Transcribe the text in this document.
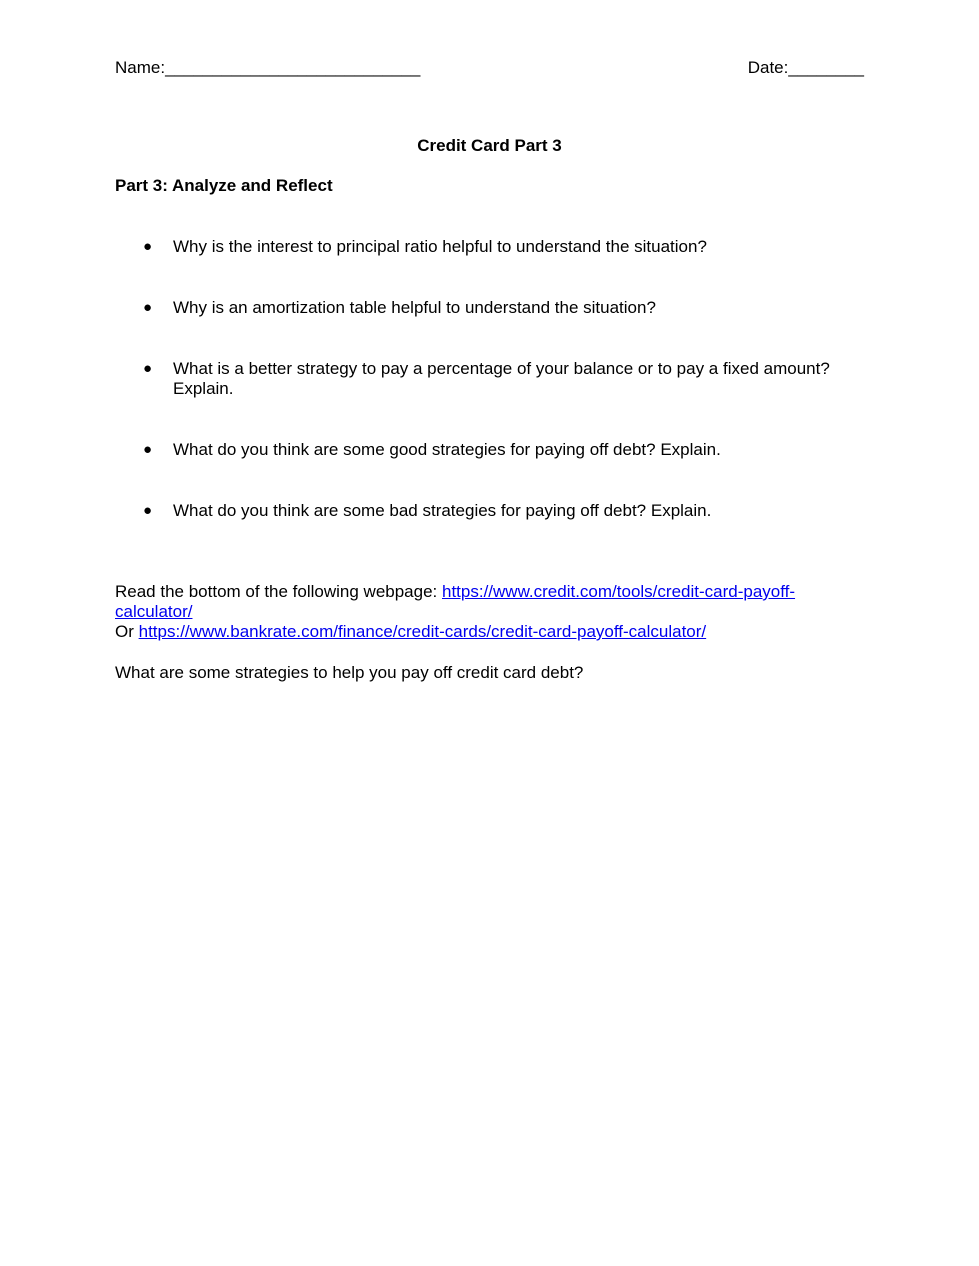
Name:___________________________	Date:________
Credit Card Part 3
Part 3: Analyze and Reflect
● Why is the interest to principal ratio helpful to understand the situation?
● Why is an amortization table helpful to understand the situation?
● What is a better strategy to pay a percentage of your balance or to pay a fixed amount? Explain.
● What do you think are some good strategies for paying off debt? Explain.
● What do you think are some bad strategies for paying off debt? Explain.

Read the bottom of the following webpage: https://www.credit.com/tools/credit-card-payoff-

calculator/

Or https://www.bankrate.com/finance/credit-cards/credit-card-payoff-calculator/

What are some strategies to help you pay off credit card debt?
